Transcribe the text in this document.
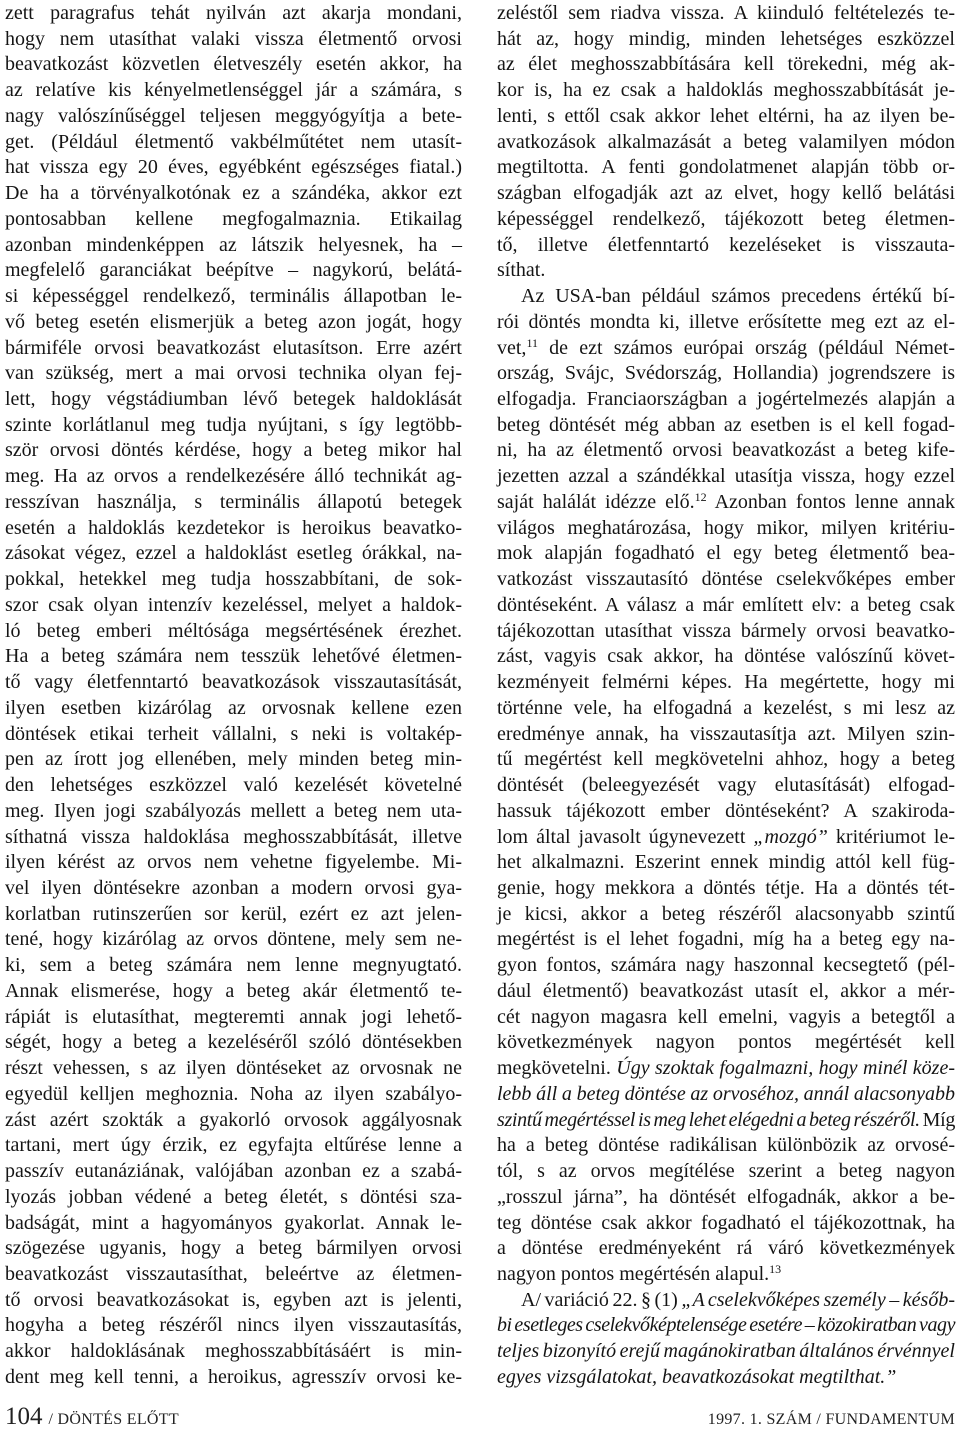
zett paragrafus tehát nyilván azt akarja mondani,
hogy nem utasíthat valaki vissza életmentő orvosi
beavatkozást közvetlen életveszély esetén akkor, ha
az relatíve kis kényelmetlenséggel jár a számára, s
nagy valószínűséggel teljesen meggyógyítja a bete-
get. (Például életmentő vakbélműtétet nem utasít-
hat vissza egy 20 éves, egyébként egészséges fiatal.)
De ha a törvényalkotónak ez a szándéka, akkor ezt
pontosabban kellene megfogalmaznia. Etikailag
azonban mindenképpen az látszik helyesnek, ha –
megfelelő garanciákat beépítve – nagykorú, belátá-
si képességgel rendelkező, terminális állapotban le-
vő beteg esetén elismerjük a beteg azon jogát, hogy
bármiféle orvosi beavatkozást elutasítson. Erre azért
van szükség, mert a mai orvosi technika olyan fej-
lett, hogy végstádiumban lévő betegek haldoklását
szinte korlátlanul meg tudja nyújtani, s így legtöbb-
ször orvosi döntés kérdése, hogy a beteg mikor hal
meg. Ha az orvos a rendelkezésére álló technikát ag-
resszívan használja, s terminális állapotú betegek
esetén a haldoklás kezdetekor is heroikus beavatko-
zásokat végez, ezzel a haldoklást esetleg órákkal, na-
pokkal, hetekkel meg tudja hosszabbítani, de sok-
szor csak olyan intenzív kezeléssel, melyet a haldok-
ló beteg emberi méltósága megsértésének érezhet.
Ha a beteg számára nem tesszük lehetővé életmen-
tő vagy életfenntartó beavatkozások visszautasítását,
ilyen esetben kizárólag az orvosnak kellene ezen
döntések etikai terheit vállalni, s neki is voltakép-
pen az írott jog ellenében, mely minden beteg min-
den lehetséges eszközzel való kezelését követelné
meg. Ilyen jogi szabályozás mellett a beteg nem uta-
síthatná vissza haldoklása meghosszabbítását, illetve
ilyen kérést az orvos nem vehetne figyelembe. Mi-
vel ilyen döntésekre azonban a modern orvosi gya-
korlatban rutinszerűen sor kerül, ezért ez azt jelen-
tené, hogy kizárólag az orvos döntene, mely sem ne-
ki, sem a beteg számára nem lenne megnyugtató.
Annak elismerése, hogy a beteg akár életmentő te-
rápiát is elutasíthat, megteremti annak jogi lehető-
ségét, hogy a beteg a kezeléséről szóló döntésekben
részt vehessen, s az ilyen döntéseket az orvosnak ne
egyedül kelljen meghoznia. Noha az ilyen szabályo-
zást azért szokták a gyakorló orvosok aggályosnak
tartani, mert úgy érzik, ez egyfajta eltűrése lenne a
passzív eutanáziának, valójában azonban ez a szabá-
lyozás jobban védené a beteg életét, s döntési sza-
badságát, mint a hagyományos gyakorlat. Annak le-
szögezése ugyanis, hogy a beteg bármilyen orvosi
beavatkozást visszautasíthat, beleértve az életmen-
tő orvosi beavatkozásokat is, egyben azt is jelenti,
hogyha a beteg részéről nincs ilyen visszautasítás,
akkor haldoklásának meghosszabbításáért is min-
dent meg kell tenni, a heroikus, agresszív orvosi ke-
zeléstől sem riadva vissza. A kiinduló feltételezés te-
hát az, hogy mindig, minden lehetséges eszközzel
az élet meghosszabbítására kell törekedni, még ak-
kor is, ha ez csak a haldoklás meghosszabbítását je-
lenti, s ettől csak akkor lehet eltérni, ha az ilyen be-
avatkozások alkalmazását a beteg valamilyen módon
megtiltotta. A fenti gondolatmenet alapján több or-
szágban elfogadják azt az elvet, hogy kellő belátási
képességgel rendelkező, tájékozott beteg életmen-
tő, illetve életfenntartó kezeléseket is visszauta-
síthat.
Az USA-ban például számos precedens értékű bí-
rói döntés mondta ki, illetve erősítette meg ezt az el-
vet,$^{11}$ de ezt számos európai ország (például Német-
ország, Svájc, Svédország, Hollandia) jogrendszere is
elfogadja. Franciaországban a jogértelmezés alapján a
beteg döntését még abban az esetben is el kell fogad-
ni, ha az életmentő orvosi beavatkozást a beteg kife-
jezetten azzal a szándékkal utasítja vissza, hogy ezzel
saját halálát idézze elő.$^{12}$ Azonban fontos lenne annak
világos meghatározása, hogy mikor, milyen kritériu-
mok alapján fogadható el egy beteg életmentő bea-
vatkozást visszautasító döntése cselekvőképes ember
döntéseként. A válasz a már említett elv: a beteg csak
tájékozottan utasíthat vissza bármely orvosi beavatko-
zást, vagyis csak akkor, ha döntése valószínű követ-
kezményeit felmérni képes. Ha megértette, hogy mi
történne vele, ha elfogadná a kezelést, s mi lesz az
eredménye annak, ha visszautasítja azt. Milyen szin-
tű megértést kell megkövetelni ahhoz, hogy a beteg
döntését (beleegyezését vagy elutasítását) elfogad-
hassuk tájékozott ember döntéseként? A szakiroda-
lom által javasolt úgynevezett „mozgó” kritériumot le-
het alkalmazni. Eszerint ennek mindig attól kell füg-
genie, hogy mekkora a döntés tétje. Ha a döntés tét-
je kicsi, akkor a beteg részéről alacsonyabb szintű
megértést is el lehet fogadni, míg ha a beteg egy na-
gyon fontos, számára nagy haszonnal kecsegtető (pél-
dául életmentő) beavatkozást utasít el, akkor a mér-
cét nagyon magasra kell emelni, vagyis a betegtől a
következmények nagyon pontos megértését kell
megkövetelni. Úgy szoktak fogalmazni, hogy minél köze-
lebb áll a beteg döntése az orvoséhoz, annál alacsonyabb
szintű megértéssel is meg lehet elégedni a beteg részéről. Míg
ha a beteg döntése radikálisan különbözik az orvosé-
tól, s az orvos megítélése szerint a beteg nagyon
„rosszul járna”, ha döntését elfogadnák, akkor a be-
teg döntése csak akkor fogadható el tájékozottnak, ha
a döntése eredményeként rá váró következmények
nagyon pontos megértésén alapul.$^{13}$
A/ variáció 22. § (1) „A cselekvőképes személy – későb-
bi esetleges cselekvőképtelensége esetére – közokiratban vagy
teljes bizonyító erejű magánokiratban általános érvénnyel
egyes vizsgálatokat, beavatkozásokat megtilthat.”
104 / DÖNTÉS ELŐTT	1997. 1. SZÁM / FUNDAMENTUM
